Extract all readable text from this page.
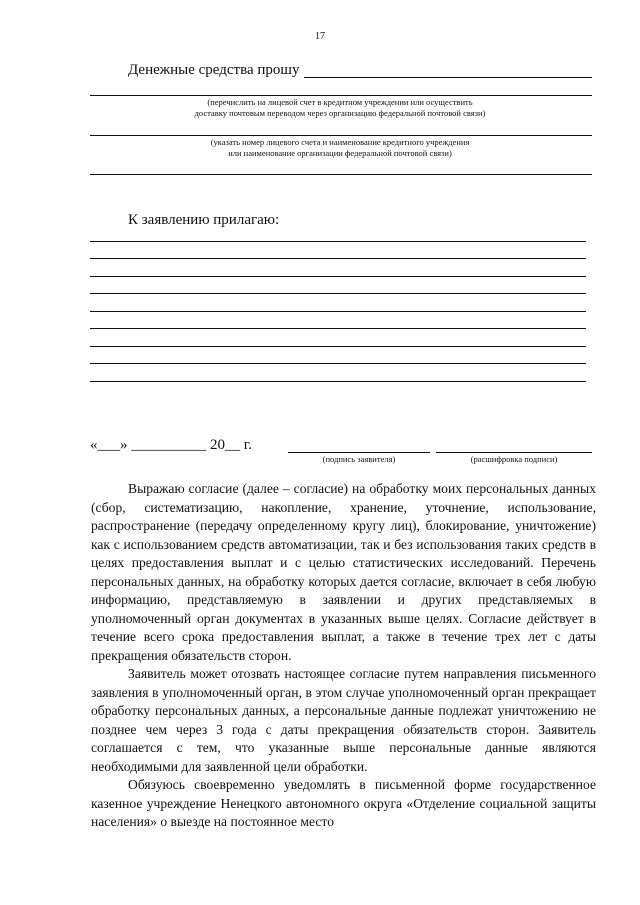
17
Денежные средства прошу
(перечислить на лицевой счет в кредитном учреждении или осуществить
доставку почтовым переводом через организацию федеральной почтовой связи)
(указать номер лицевого счета и наименование кредитного учреждения
или наименование организации федеральной почтовой связи)
К заявлению прилагаю:
«___» __________ 20__ г.
(подпись заявителя)	(расшифровка подписи)

Выражаю согласие (далее – согласие) на обработку моих персональных данных (сбор, систематизацию, накопление, хранение, уточнение, использование, распространение (передачу определенному кругу лиц), блокирование, уничтожение) как с использованием средств автоматизации, так и без использования таких средств в целях предоставления выплат и с целью статистических исследований. Перечень персональных данных, на обработку которых дается согласие, включает в себя любую информацию, представляемую в заявлении и других представляемых в уполномоченный орган документах в указанных выше целях. Согласие действует в течение всего срока предоставления выплат, а также в течение трех лет с даты прекращения обязательств сторон.

Заявитель может отозвать настоящее согласие путем направления письменного заявления в уполномоченный орган, в этом случае уполномоченный орган прекращает обработку персональных данных, а персональные данные подлежат уничтожению не позднее чем через 3 года с даты прекращения обязательств сторон. Заявитель соглашается с тем, что указанные выше персональные данные являются необходимыми для заявленной цели обработки.

Обязуюсь своевременно уведомлять в письменной форме государственное казенное учреждение Ненецкого автономного округа «Отделение социальной защиты населения» о выезде на постоянное место
